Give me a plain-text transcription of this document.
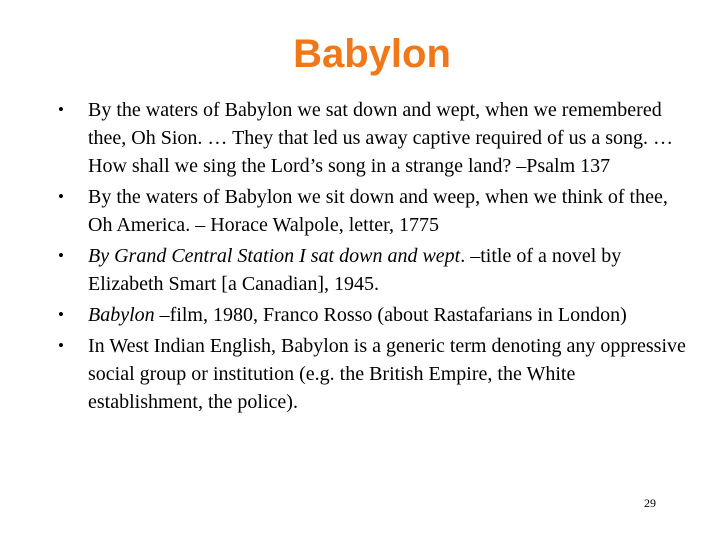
Babylon
• By the waters of Babylon we sat down and wept, when we remembered thee, Oh Sion. … They that led us away captive required of us a song. … How shall we sing the Lord’s song in a strange land? –Psalm 137
• By the waters of Babylon we sit down and weep, when we think of thee, Oh America. – Horace Walpole, letter, 1775
• By Grand Central Station I sat down and wept. –title of a novel by Elizabeth Smart [a Canadian], 1945.
• Babylon –film, 1980, Franco Rosso (about Rastafarians in London)
• In West Indian English, Babylon is a generic term denoting any oppressive social group or institution (e.g. the British Empire, the White establishment, the police).
29
